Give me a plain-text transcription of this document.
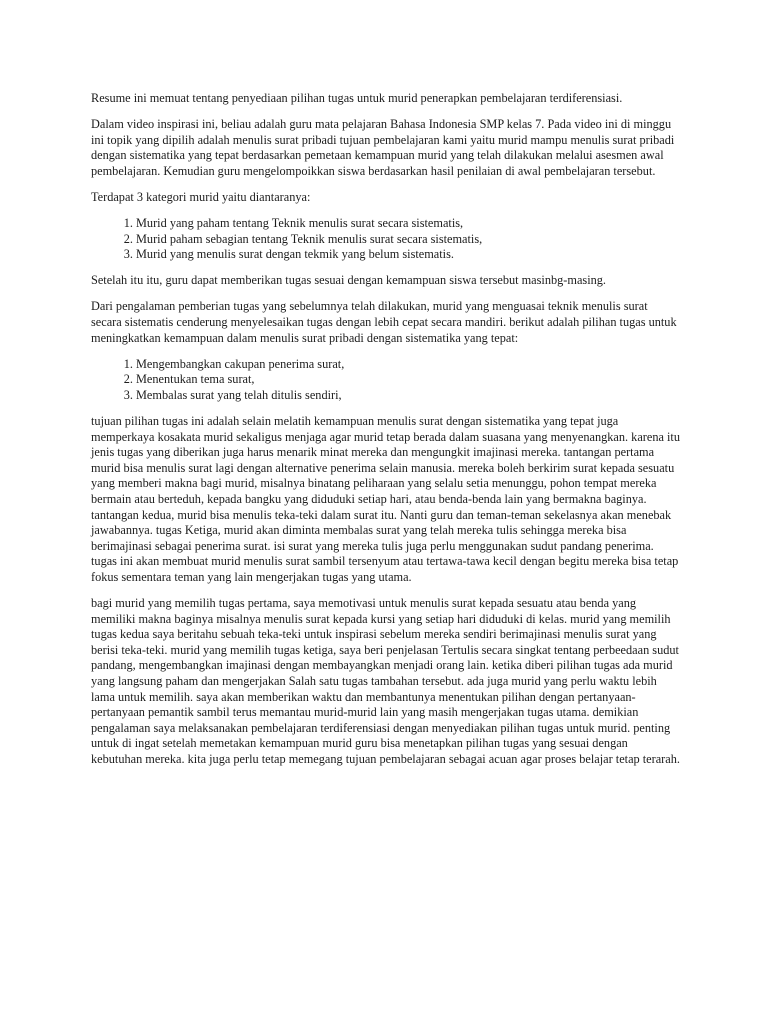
Resume ini memuat tentang penyediaan pilihan tugas untuk murid penerapkan pembelajaran terdiferensiasi.

Dalam video inspirasi ini, beliau adalah guru mata pelajaran Bahasa Indonesia SMP kelas 7. Pada video ini di minggu ini topik yang dipilih adalah menulis surat pribadi tujuan pembelajaran kami yaitu murid mampu menulis surat pribadi dengan sistematika yang tepat berdasarkan pemetaan kemampuan murid yang telah dilakukan melalui asesmen awal pembelajaran. Kemudian guru mengelompoikkan siswa berdasarkan hasil penilaian di awal pembelajaran tersebut.

Terdapat 3 kategori murid yaitu diantaranya:

1. Murid yang paham tentang Teknik menulis surat secara sistematis,
2. Murid paham sebagian tentang Teknik menulis surat secara sistematis,
3. Murid yang menulis surat dengan tekmik yang belum sistematis.

Setelah itu itu, guru dapat memberikan tugas sesuai dengan kemampuan siswa tersebut masinbg-masing.

Dari pengalaman pemberian tugas yang sebelumnya telah dilakukan, murid yang menguasai teknik menulis surat secara sistematis cenderung menyelesaikan tugas dengan lebih cepat secara mandiri. berikut adalah pilihan tugas untuk meningkatkan kemampuan dalam menulis surat pribadi dengan sistematika yang tepat:

1. Mengembangkan cakupan penerima surat,
2. Menentukan tema surat,
3. Membalas surat yang telah ditulis sendiri,

tujuan pilihan tugas ini adalah selain melatih kemampuan menulis surat dengan sistematika yang tepat juga memperkaya kosakata murid sekaligus menjaga agar murid tetap berada dalam suasana yang menyenangkan. karena itu jenis tugas yang diberikan juga harus menarik minat mereka dan mengungkit imajinasi mereka. tantangan pertama murid bisa menulis surat lagi dengan alternative penerima selain manusia. mereka boleh berkirim surat kepada sesuatu yang memberi makna bagi murid, misalnya binatang peliharaan yang selalu setia menunggu, pohon tempat mereka bermain atau berteduh, kepada bangku yang diduduki setiap hari, atau benda-benda lain yang bermakna baginya. tantangan kedua, murid bisa menulis teka-teki dalam surat itu. Nanti guru dan teman-teman sekelasnya akan menebak jawabannya. tugas Ketiga, murid akan diminta membalas surat yang telah mereka tulis sehingga mereka bisa berimajinasi sebagai penerima surat. isi surat yang mereka tulis juga perlu menggunakan sudut pandang penerima. tugas ini akan membuat murid menulis surat sambil tersenyum atau tertawa-tawa kecil dengan begitu mereka bisa tetap fokus sementara teman yang lain mengerjakan tugas yang utama.

bagi murid yang memilih tugas pertama, saya memotivasi untuk menulis surat kepada sesuatu atau benda yang memiliki makna baginya misalnya menulis surat kepada kursi yang setiap hari diduduki di kelas. murid yang memilih tugas kedua saya beritahu sebuah teka-teki untuk inspirasi sebelum mereka sendiri berimajinasi menulis surat yang berisi teka-teki. murid yang memilih tugas ketiga, saya beri penjelasan Tertulis secara singkat tentang perbeedaan sudut pandang, mengembangkan imajinasi dengan membayangkan menjadi orang lain. ketika diberi pilihan tugas ada murid yang langsung paham dan mengerjakan Salah satu tugas tambahan tersebut. ada juga murid yang perlu waktu lebih lama untuk memilih. saya akan memberikan waktu dan membantunya menentukan pilihan dengan pertanyaan-pertanyaan pemantik sambil terus memantau murid-murid lain yang masih mengerjakan tugas utama. demikian pengalaman saya melaksanakan pembelajaran terdiferensiasi dengan menyediakan pilihan tugas untuk murid. penting untuk di ingat setelah memetakan kemampuan murid guru bisa menetapkan pilihan tugas yang sesuai dengan kebutuhan mereka. kita juga perlu tetap memegang tujuan pembelajaran sebagai acuan agar proses belajar tetap terarah.
